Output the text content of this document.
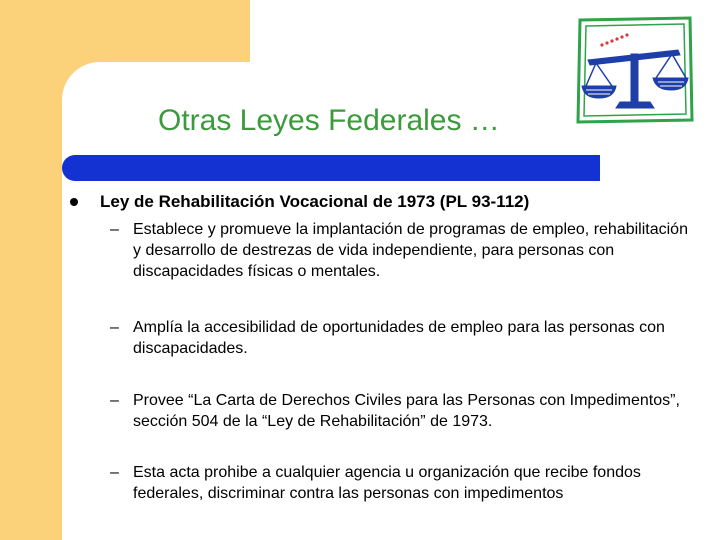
Otras Leyes Federales …
Ley de Rehabilitación Vocacional de 1973 (PL 93-112)
– Establece y promueve la implantación de programas de empleo, rehabilitación y desarrollo de destrezas de vida independiente, para personas con discapacidades físicas o mentales.
– Amplía la accesibilidad de oportunidades de empleo para las personas con discapacidades.
– Provee “La Carta de Derechos Civiles para las Personas con Impedimentos”, sección 504 de la “Ley de Rehabilitación” de 1973.
– Esta acta prohibe a cualquier agencia u organización que recibe fondos federales, discriminar contra las personas con impedimentos
